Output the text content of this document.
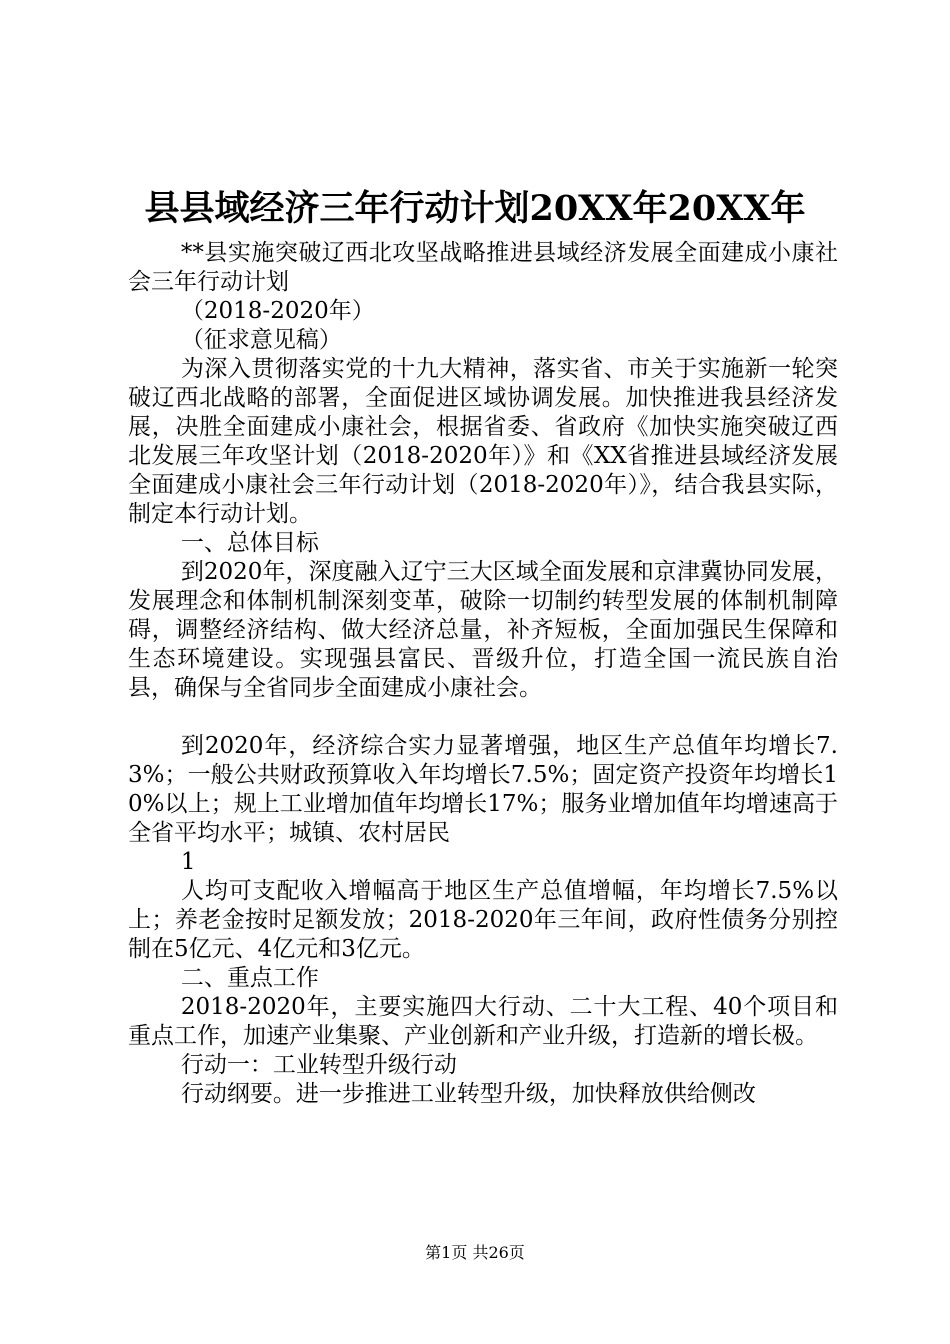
县县域经济三年行动计划20XX年20XX年

**县实施突破辽西北攻坚战略推进县域经济发展全面建成小康社会三年行动计划

（2018-2020年）

（征求意见稿）

为深入贯彻落实党的十九大精神，落实省、市关于实施新一轮突破辽西北战略的部署，全面促进区域协调发展。加快推进我县经济发展，决胜全面建成小康社会，根据省委、省政府《加快实施突破辽西北发展三年攻坚计划（2018-2020年）》和《XX省推进县域经济发展全面建成小康社会三年行动计划（2018-2020年）》，结合我县实际，制定本行动计划。

一、总体目标

到2020年，深度融入辽宁三大区域全面发展和京津冀协同发展，发展理念和体制机制深刻变革，破除一切制约转型发展的体制机制障碍，调整经济结构、做大经济总量，补齐短板，全面加强民生保障和生态环境建设。实现强县富民、晋级升位，打造全国一流民族自治县，确保与全省同步全面建成小康社会。

到2020年，经济综合实力显著增强，地区生产总值年均增长7.3%；一般公共财政预算收入年均增长7.5%；固定资产投资年均增长10%以上；规上工业增加值年均增长17%；服务业增加值年均增速高于全省平均水平；城镇、农村居民

1

人均可支配收入增幅高于地区生产总值增幅，年均增长7.5%以上；养老金按时足额发放；2018-2020年三年间，政府性债务分别控制在5亿元、4亿元和3亿元。

二、重点工作

2018-2020年，主要实施四大行动、二十大工程、40个项目和重点工作，加速产业集聚、产业创新和产业升级，打造新的增长极。

行动一：工业转型升级行动

行动纲要。进一步推进工业转型升级，加快释放供给侧改

第1页 共26页
